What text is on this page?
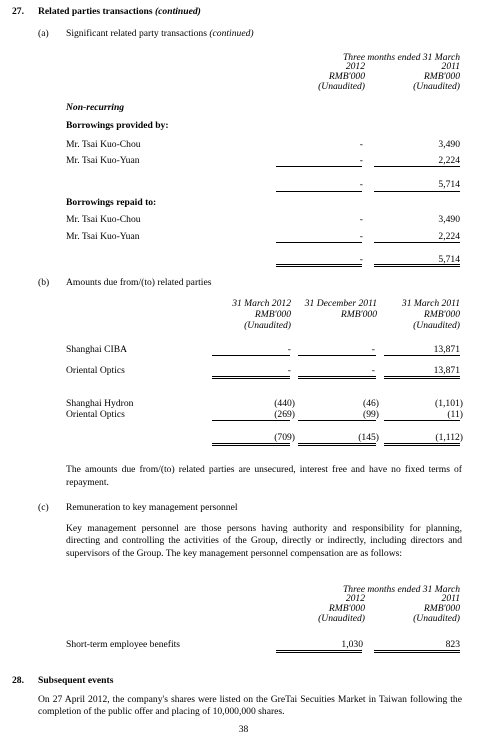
27. Related parties transactions (continued)
(a) Significant related party transactions (continued)
Three months ended 31 March
2012
RMB'000
(Unaudited)
2011
RMB'000
(Unaudited)
Non-recurring
Borrowings provided by:
Mr. Tsai Kuo-Chou	-	3,490
Mr. Tsai Kuo-Yuan	-	2,224
-	5,714
Borrowings repaid to:
Mr. Tsai Kuo-Chou	-	3,490
Mr. Tsai Kuo-Yuan	-	2,224
-	5,714
(b) Amounts due from/(to) related parties
31 March 2012
RMB'000
(Unaudited)
31 December 2011
RMB'000
31 March 2011
RMB'000
(Unaudited)
Shanghai CIBA	-	-	13,871
Oriental Optics	-	-	13,871
Shanghai Hydron	(440)	(46)	(1,101)
Oriental Optics	(269)	(99)	(11)
(709)	(145)	(1,112)
The amounts due from/(to) related parties are unsecured, interest free and have no fixed terms of repayment.
(c) Remuneration to key management personnel
Key management personnel are those persons having authority and responsibility for planning, directing and controlling the activities of the Group, directly or indirectly, including directors and supervisors of the Group. The key management personnel compensation are as follows:
Three months ended 31 March
2012
RMB'000
(Unaudited)
2011
RMB'000
(Unaudited)
Short-term employee benefits	1,030	823
28. Subsequent events
On 27 April 2012, the company's shares were listed on the GreTai Secuities Market in Taiwan following the completion of the public offer and placing of 10,000,000 shares.
38
